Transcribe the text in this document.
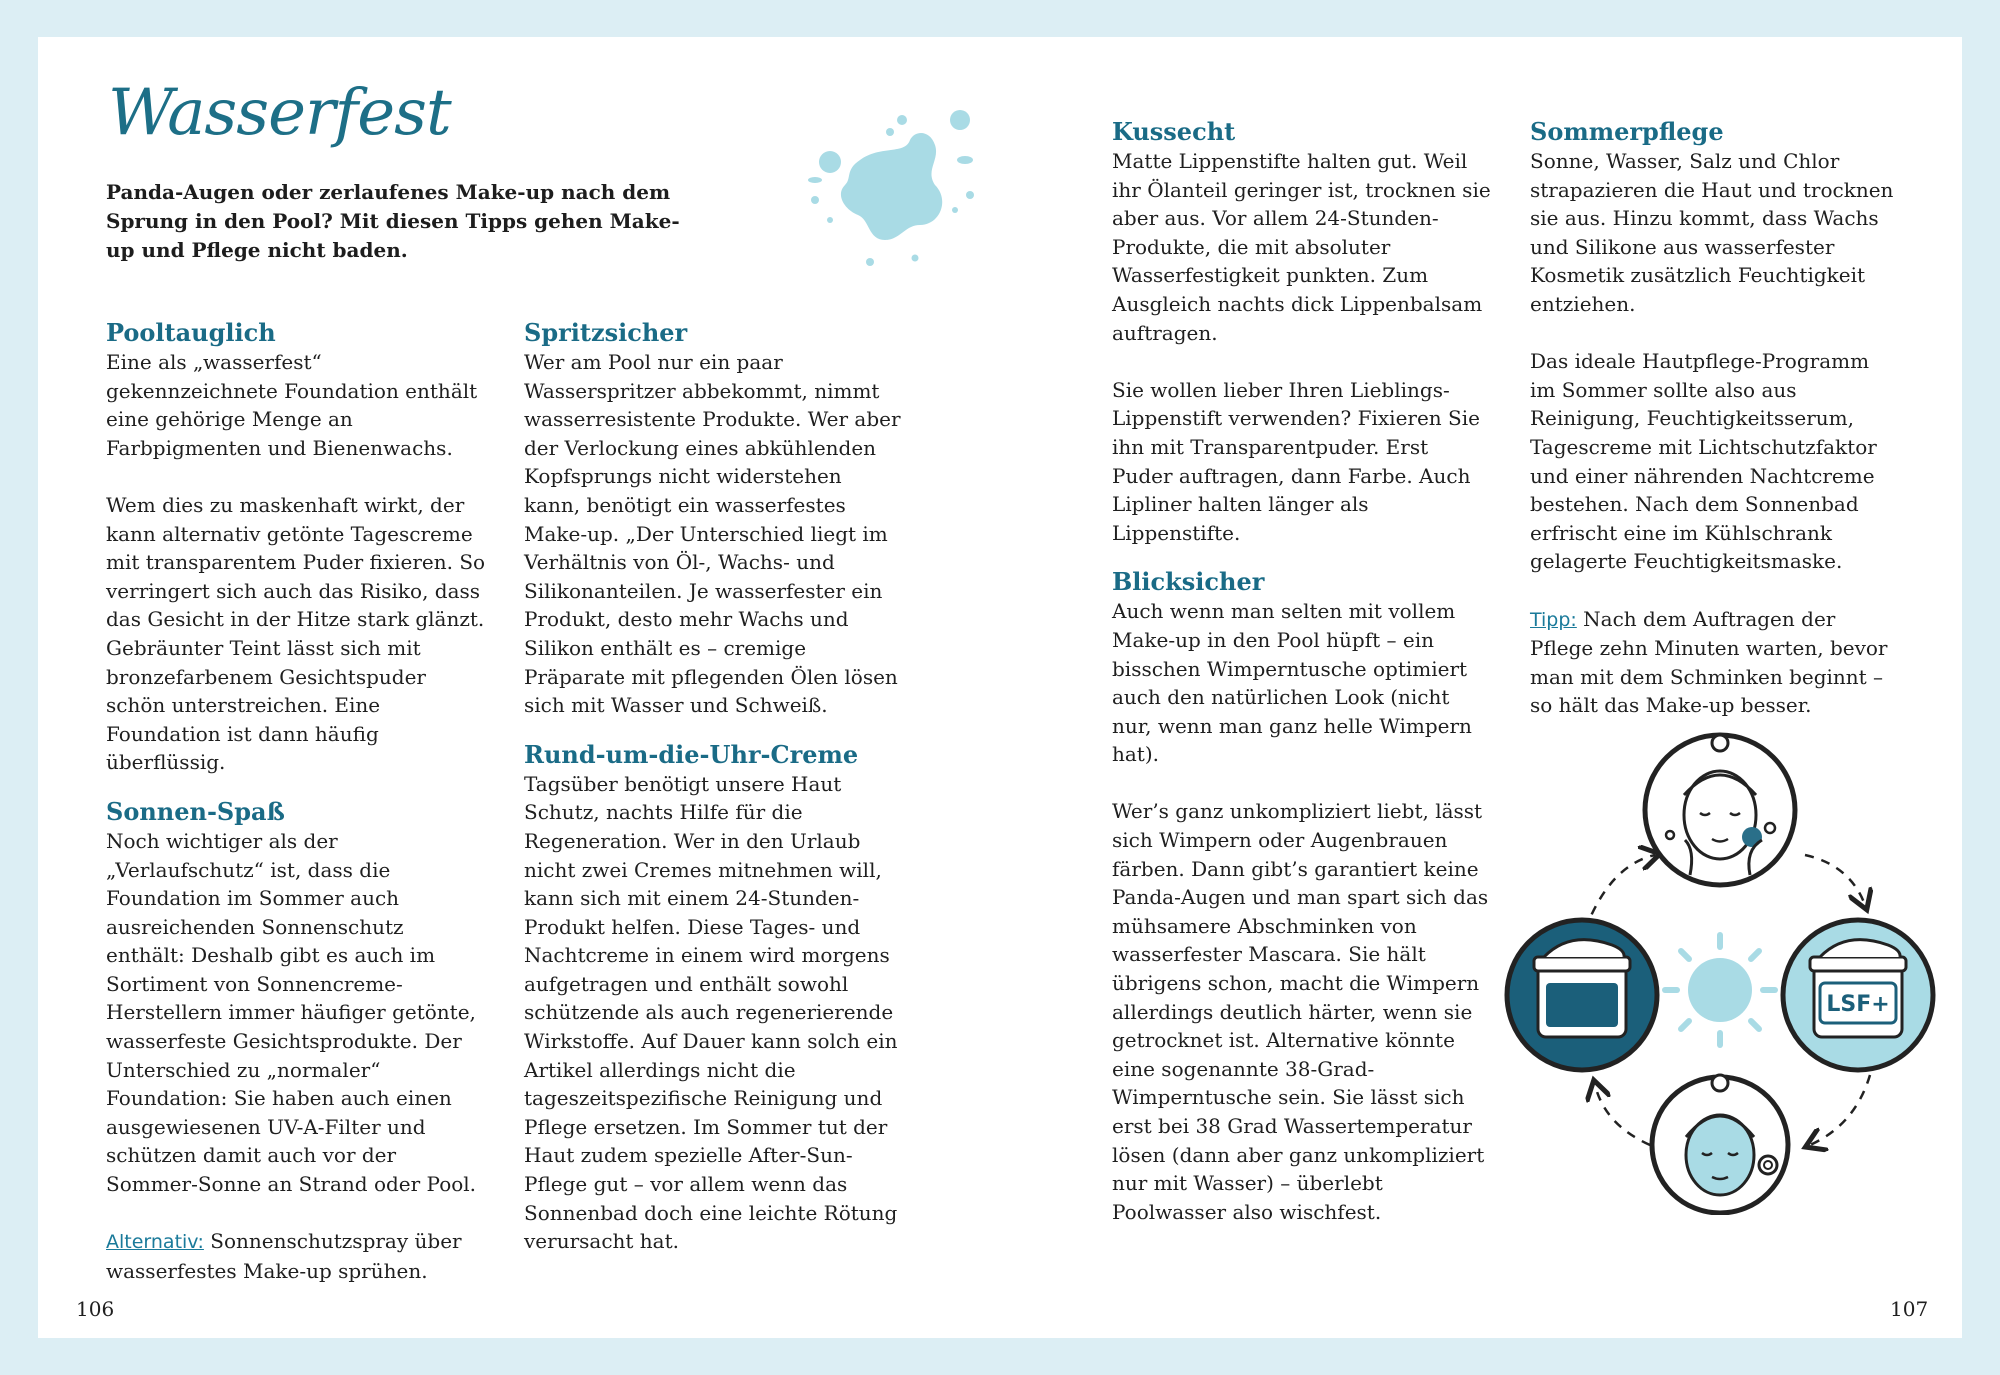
Wasserfest

Panda-Augen oder zerlaufenes Make-up nach dem Sprung in den Pool? Mit diesen Tipps gehen Make-up und Pflege nicht baden.

Pooltauglich

Eine als „wasserfest“ gekennzeichnete Foundation enthält eine gehörige Menge an Farbpigmenten und Bienenwachs.

Wem dies zu maskenhaft wirkt, der kann alternativ getönte Tagescreme mit transparentem Puder fixieren. So verringert sich auch das Risiko, dass das Gesicht in der Hitze stark glänzt. Gebräunter Teint lässt sich mit bronzefarbenem Gesichtspuder schön unterstreichen. Eine Foundation ist dann häufig überflüssig.

Sonnen-Spaß

Noch wichtiger als der „Verlaufschutz“ ist, dass die Foundation im Sommer auch ausreichenden Sonnenschutz enthält: Deshalb gibt es auch im Sortiment von Sonnencreme-Herstellern immer häufiger getönte, wasserfeste Gesichtsprodukte. Der Unterschied zu „normaler“ Foundation: Sie haben auch einen ausgewiesenen UV-A-Filter und schützen damit auch vor der Sommer-Sonne an Strand oder Pool.

Alternativ: Sonnenschutzspray über wasserfestes Make-up sprühen.

Spritzsicher

Wer am Pool nur ein paar Wasserspritzer abbekommt, nimmt wasserresistente Produkte. Wer aber der Verlockung eines abkühlenden Kopfsprungs nicht widerstehen kann, benötigt ein wasserfestes Make-up. „Der Unterschied liegt im Verhältnis von Öl-, Wachs- und Silikonanteilen. Je wasserfester ein Produkt, desto mehr Wachs und Silikon enthält es – cremige Präparate mit pflegenden Ölen lösen sich mit Wasser und Schweiß.

Rund-um-die-Uhr-Creme

Tagsüber benötigt unsere Haut Schutz, nachts Hilfe für die Regeneration. Wer in den Urlaub nicht zwei Cremes mitnehmen will, kann sich mit einem 24-Stunden-Produkt helfen. Diese Tages- und Nachtcreme in einem wird morgens aufgetragen und enthält sowohl schützende als auch regenerierende Wirkstoffe. Auf Dauer kann solch ein Artikel allerdings nicht die tageszeitspezifische Reinigung und Pflege ersetzen. Im Sommer tut der Haut zudem spezielle After-Sun-Pflege gut – vor allem wenn das Sonnenbad doch eine leichte Rötung verursacht hat.

Kussecht

Matte Lippenstifte halten gut. Weil ihr Ölanteil geringer ist, trocknen sie aber aus. Vor allem 24-Stunden-Produkte, die mit absoluter Wasserfestigkeit punkten. Zum Ausgleich nachts dick Lippenbalsam auftragen.

Sie wollen lieber Ihren Lieblings-Lippenstift verwenden? Fixieren Sie ihn mit Transparentpuder. Erst Puder auftragen, dann Farbe. Auch Lipliner halten länger als Lippenstifte.

Blicksicher

Auch wenn man selten mit vollem Make-up in den Pool hüpft – ein bisschen Wimperntusche optimiert auch den natürlichen Look (nicht nur, wenn man ganz helle Wimpern hat).

Wer’s ganz unkompliziert liebt, lässt sich Wimpern oder Augenbrauen färben. Dann gibt’s garantiert keine Panda-Augen und man spart sich das mühsamere Abschminken von wasserfester Mascara. Sie hält übrigens schon, macht die Wimpern allerdings deutlich härter, wenn sie getrocknet ist. Alternative könnte eine sogenannte 38-Grad-Wimperntusche sein. Sie lässt sich erst bei 38 Grad Wassertemperatur lösen (dann aber ganz unkompliziert nur mit Wasser) – überlebt Poolwasser also wischfest.

Sommerpflege

Sonne, Wasser, Salz und Chlor strapazieren die Haut und trocknen sie aus. Hinzu kommt, dass Wachs und Silikone aus wasserfester Kosmetik zusätzlich Feuchtigkeit entziehen.

Das ideale Hautpflege-Programm im Sommer sollte also aus Reinigung, Feuchtigkeitsserum, Tagescreme mit Lichtschutzfaktor und einer nährenden Nachtcreme bestehen. Nach dem Sonnenbad erfrischt eine im Kühlschrank gelagerte Feuchtigkeitsmaske.

Tipp: Nach dem Auftragen der Pflege zehn Minuten warten, bevor man mit dem Schminken beginnt – so hält das Make-up besser.

LSF+
106	107
